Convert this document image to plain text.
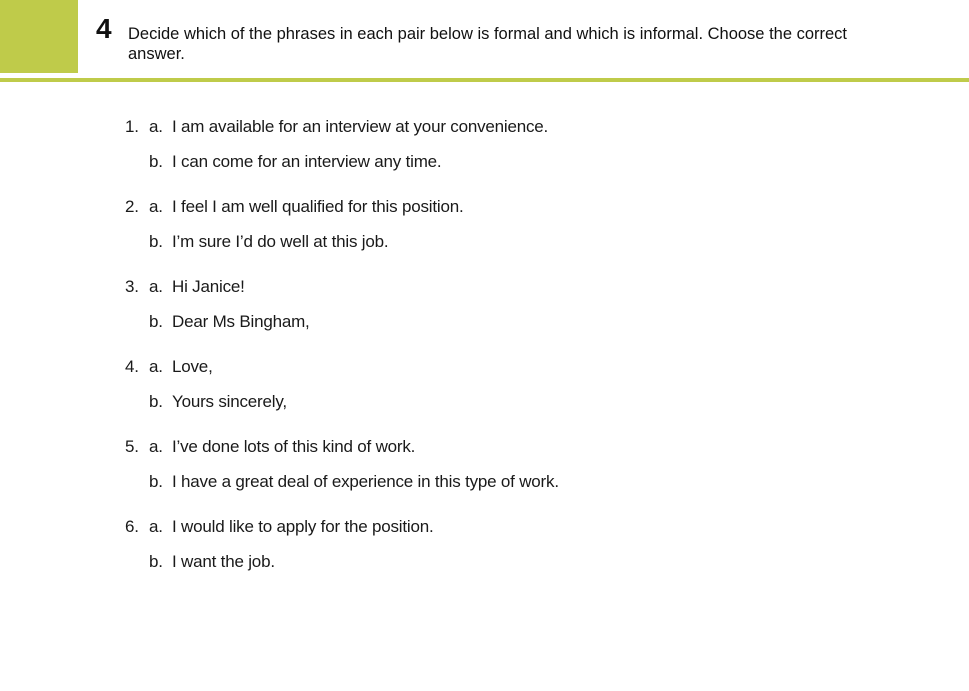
4 Decide which of the phrases in each pair below is formal and which is informal. Choose the correct answer.
1. a. I am available for an interview at your convenience.
b. I can come for an interview any time.
2. a. I feel I am well qualified for this position.
b. I’m sure I’d do well at this job.
3. a. Hi Janice!
b. Dear Ms Bingham,
4. a. Love,
b. Yours sincerely,
5. a. I’ve done lots of this kind of work.
b. I have a great deal of experience in this type of work.
6. a. I would like to apply for the position.
b. I want the job.
